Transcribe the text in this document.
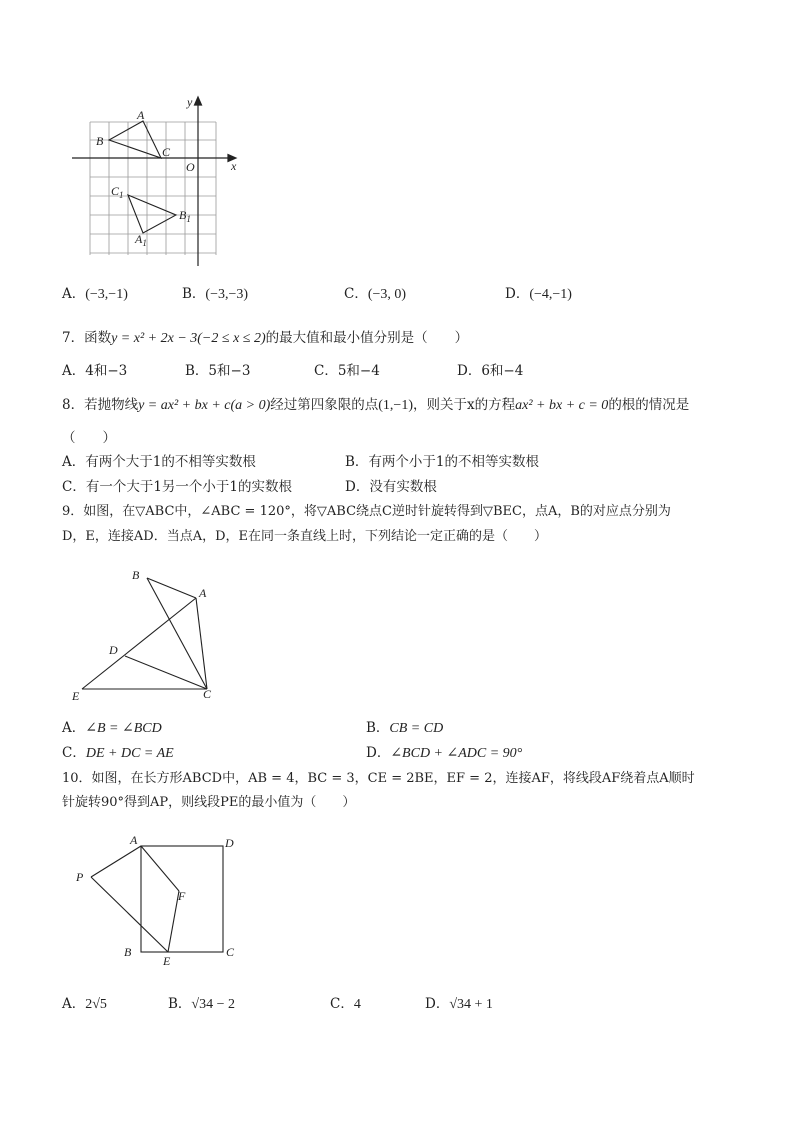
x
y
O
A
B
C
$C_1$
$B_1$
$A_1$
A．(−3,−1)	B．(−3,−3)	C．(−3, 0)	D．(−4,−1)
7．函数y = x² + 2x − 3(−2 ≤ x ≤ 2)的最大值和最小值分别是（　　）
A．4和−3	B．5和−3	C．5和−4	D．6和−4
8．若抛物线y = ax² + bx + c(a > 0)经过第四象限的点(1,−1)，则关于x的方程ax² + bx + c = 0的根的情况是
（　　）
A．有两个大于1的不相等实数根	B．有两个小于1的不相等实数根
C．有一个大于1另一个小于1的实数根	D．没有实数根
9．如图，在▽ABC中，∠ABC = 120°，将▽ABC绕点C逆时针旋转得到▽BEC，点A，B的对应点分别为
D，E，连接AD．当点A，D，E在同一条直线上时，下列结论一定正确的是（　　）
B
A
D
E	C
A．∠B = ∠BCD	B．CB = CD
C．DE + DC = AE	D．∠BCD + ∠ADC = 90°
10．如图，在长方形ABCD中，AB = 4，BC = 3，CE = 2BE，EF = 2，连接AF，将线段AF绕着点A顺时
针旋转90°得到AP，则线段PE的最小值为（　　）
A	D
P
F
B
E
C
A．2√5	B．√34 − 2	C．4	D．√34 + 1
